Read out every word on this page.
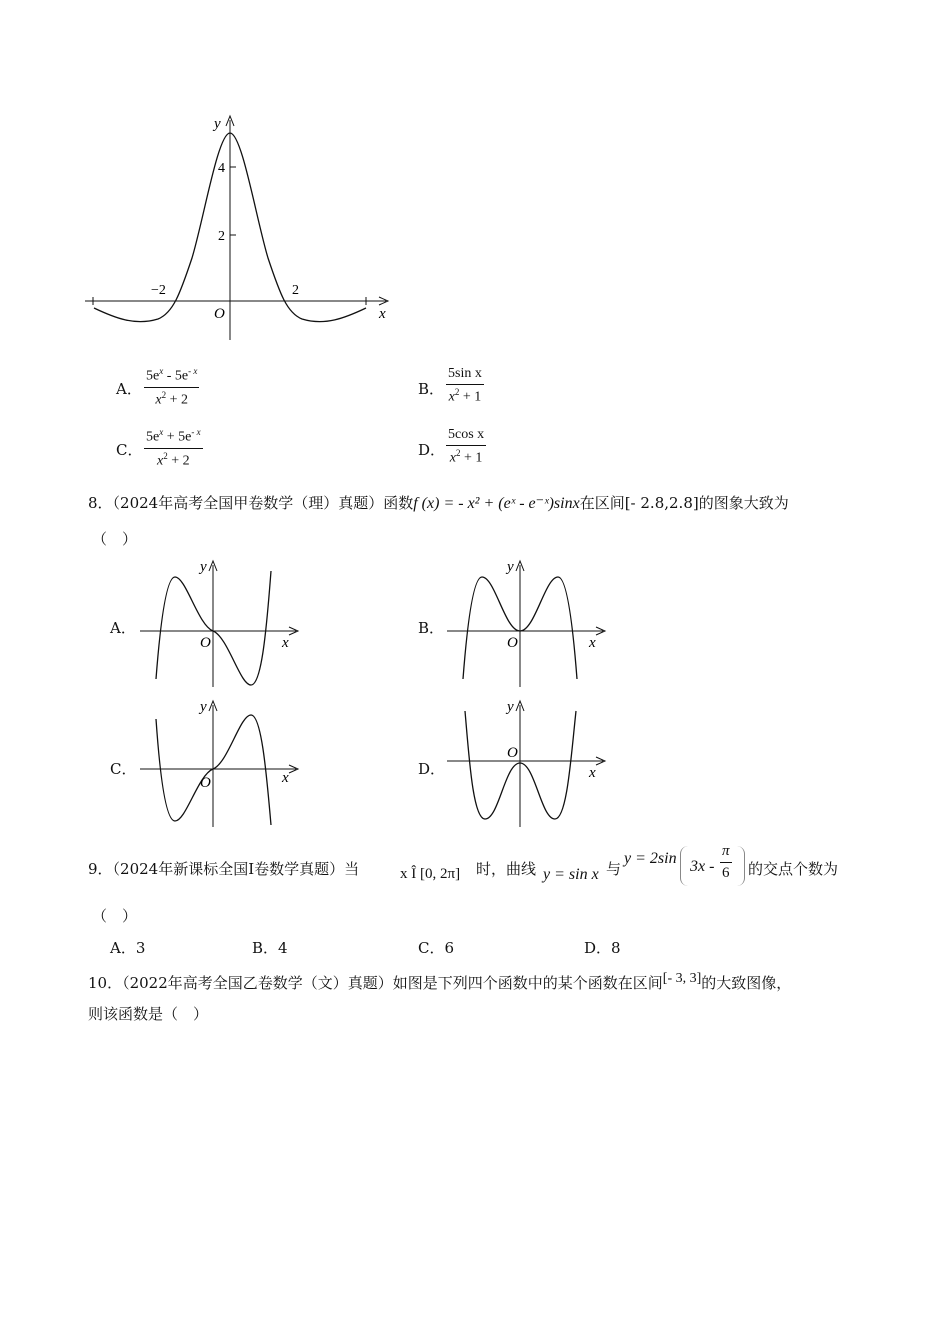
y
x
O
4
2
−2	2
A． $\frac{5e^x - 5e^{- x}}{x^2 + 2}$	B． $\frac{\text{5sin x}}{x^2 + 1}$
C． $\frac{5e^x + 5e^{- x}}{x^2 + 2}$	D． $\frac{\text{5cos x}}{x^2 + 1}$
8．（2024年高考全国甲卷数学（理）真题）函数f (x) = - x² + (eˣ - e⁻ˣ)sinx在区间[- 2.8,2.8]的图象大致为
（　）
A．
y
x
O
B．
y
x
O
C．
y
x
O
D．
y
x
O
9．（2024年新课标全国Ⅰ卷数学真题）当	x Î [0, 2π] 时，曲线 y = sin x 与
y = 2sin $3x - \frac{\pi}{6}$ 的交点个数为
（　）
A．3	B．4	C．6	D．8
10．（2022年高考全国乙卷数学（文）真题）如图是下列四个函数中的某个函数在区间[- 3, 3]的大致图像，
则该函数是（　）
